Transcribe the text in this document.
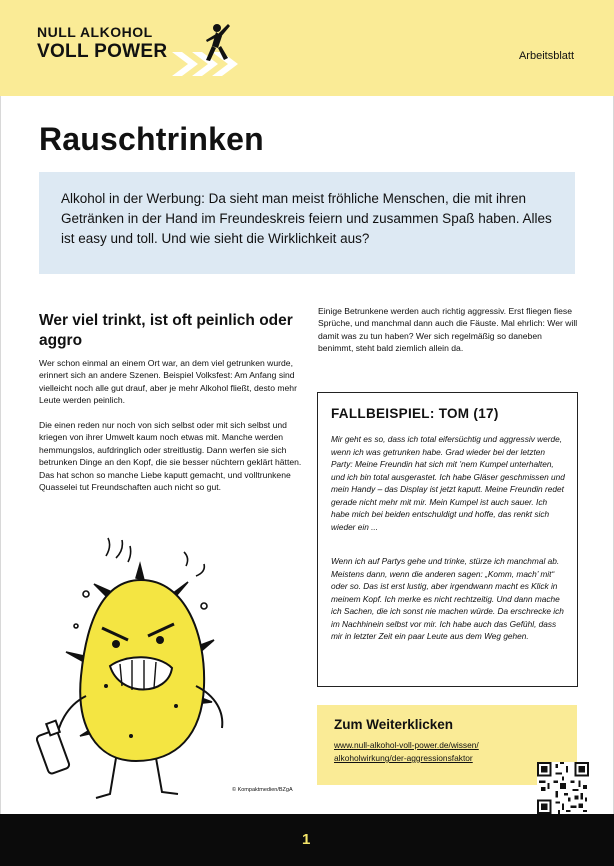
NULL ALKOHOL
VOLL POWER	Arbeitsblatt
Rauschtrinken

Alkohol in der Werbung: Da sieht man meist fröhliche Menschen, die mit ihren Getränken in der Hand im Freundeskreis feiern und zusammen Spaß haben. Alles ist easy und toll. Und wie sieht die Wirklichkeit aus?

Wer viel trinkt, ist oft peinlich oder aggro

Wer schon einmal an einem Ort war, an dem viel getrunken wurde, erinnert sich an andere Szenen. Beispiel Volksfest: Am Anfang sind vielleicht noch alle gut drauf, aber je mehr Alkohol fließt, desto mehr Leute werden peinlich.

Die einen reden nur noch von sich selbst oder mit sich selbst und kriegen von ihrer Umwelt kaum noch etwas mit. Manche werden hemmungslos, aufdringlich oder streitlustig. Dann werfen sie sich betrunken Dinge an den Kopf, die sie besser nüchtern geklärt hätten. Das hat schon so manche Liebe kaputt gemacht, und volltrunkene Quasselei tut Freundschaften auch nicht so gut.

Einige Betrunkene werden auch richtig aggressiv. Erst fliegen fiese Sprüche, und manchmal dann auch die Fäuste. Mal ehrlich: Wer will damit was zu tun haben? Wer sich regelmäßig so daneben benimmt, steht bald ziemlich allein da.

FALLBEISPIEL: TOM (17)

Mir geht es so, dass ich total eifersüchtig und aggressiv werde, wenn ich was getrunken habe. Grad wieder bei der letzten Party: Meine Freundin hat sich mit ’nem Kumpel unterhalten, und ich bin total ausgerastet. Ich habe Gläser geschmissen und mein Handy – das Display ist jetzt kaputt. Meine Freundin redet gerade nicht mehr mit mir. Mein Kumpel ist auch sauer. Ich habe mich bei beiden entschuldigt und hoffe, das renkt sich wieder ein ...

Wenn ich auf Partys gehe und trinke, stürze ich manchmal ab. Meistens dann, wenn die anderen sagen: „Komm, mach’ mit“ oder so. Das ist erst lustig, aber irgendwann macht es Klick in meinem Kopf. Ich merke es nicht rechtzeitig. Und dann mache ich Sachen, die ich sonst nie machen würde. Da erschrecke ich im Nachhinein selbst vor mir. Ich habe auch das Gefühl, dass mir in letzter Zeit ein paar Leute aus dem Weg gehen.

© Kompaktmedien/BZgA
Zum Weiterklicken

www.null-alkohol-voll-power.de/wissen/

alkoholwirkung/der-aggressionsfaktor

1
